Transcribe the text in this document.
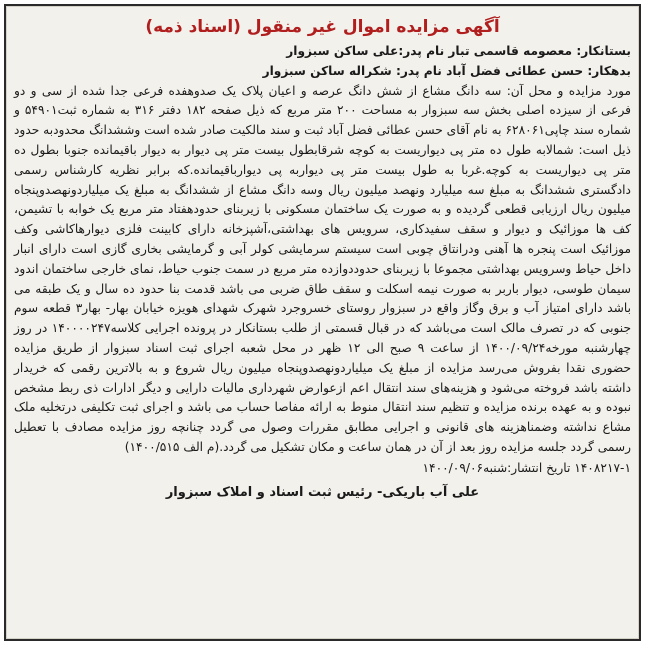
آگهی مزایده اموال غیر منقول (اسناد ذمه)
بستانکار: معصومه قاسمی تبار نام پدر:علی ساکن سبزوار
بدهکار: حسن عطائی فضل آباد نام پدر: شکراله ساکن سبزوار
مورد مزایده و محل آن: سه دانگ مشاع از شش دانگ عرصه و اعیان پلاک یک صدوهفده فرعی جدا شده از سی و دو فرعی از سیزده اصلی بخش سه سبزوار به مساحت ۲۰۰ متر مربع که ذیل صفحه ۱۸۲ دفتر ۳۱۶ به شماره ثبت۵۴۹۰۱ و شماره سند چاپی۶۲۸۰۶۱ به نام آقای حسن عطائی فضل آباد ثبت و سند مالکیت صادر شده است وششدانگ محدودبه حدود ذیل است: شمالابه طول ده متر پی دیواریست به کوچه شرقابطول بیست متر پی دیوار به دیوار باقیمانده جنوبا بطول ده متر پی دیواریست به کوچه.غربا به طول بیست متر پی دیواربه پی دیوارباقیمانده.که برابر نظریه کارشناس رسمی دادگستری ششدانگ به مبلغ سه میلیارد ونهصد میلیون ریال وسه دانگ مشاع از ششدانگ به مبلغ یک میلیاردونهصدوپنجاه میلیون ریال ارزیابی قطعی گردیده و به صورت یک ساختمان مسکونی با زیربنای حدودهفتاد متر مربع یک خوابه با تشیمن، کف ها موزائیک و دیوار و سقف سفیدکاری، سرویس های بهداشتی،آشپزخانه دارای کابینت فلزی دیوارهاکاشی وکف موزائیک است پنجره ها آهنی ودرانتاق چوبی است سیستم سرمایشی کولر آبی و گرمایشی بخاری گازی است دارای انبار داخل حیاط وسرویس بهداشتی مجموعا با زیربنای حدوددوازده متر مربع در سمت جنوب حیاط، نمای خارجی ساختمان اندود سیمان طوسی، دیوار باربر به صورت نیمه اسکلت و سقف طاق ضربی می باشد قدمت بنا حدود ده سال و یک طبقه می باشد دارای امتیاز آب و برق وگاز واقع در سبزوار روستای خسروجرد شهرک شهدای هویزه خیابان بهار- بهار۳ قطعه سوم جنوبی که در تصرف مالک است می‌باشد که در قبال قسمتی از طلب بستانکار در پرونده اجرایی کلاسه۱۴۰۰۰۰۲۴۷ در روز چهارشنبه مورخه۱۴۰۰/۰۹/۲۴ از ساعت ۹ صبح الی ۱۲ ظهر در محل شعبه اجرای ثبت اسناد سبزوار از طریق مزایده حضوری نقدا بفروش می‌رسد مزایده از مبلغ یک میلیاردونهصدوپنجاه میلیون ریال شروع و به بالاترین رقمی که خریدار داشته باشد فروخته می‌شود و هزینه‌های سند انتقال اعم ازعوارض شهرداری مالیات دارایی و دیگر ادارات ذی ربط مشخص نبوده و به عهده برنده مزایده و تنظیم سند انتقال منوط به ارائه مفاصا حساب می باشد و اجرای ثبت تکلیفی درتخلیه ملک مشاع نداشته وضمناهزینه های قانونی و اجرایی مطابق مقررات وصول می گردد چنانچه روز مزایده مصادف با تعطیل رسمی گردد جلسه مزایده روز بعد از آن در همان ساعت و مکان تشکیل می گردد.(م الف ۱۴۰۰/۵۱۵)
۱۴۰۸۲۱۷-۱ تاریخ انتشار:شنبه۱۴۰۰/۰۹/۰۶
علی آب باریکی- رئیس ثبت اسناد و املاک سبزوار
